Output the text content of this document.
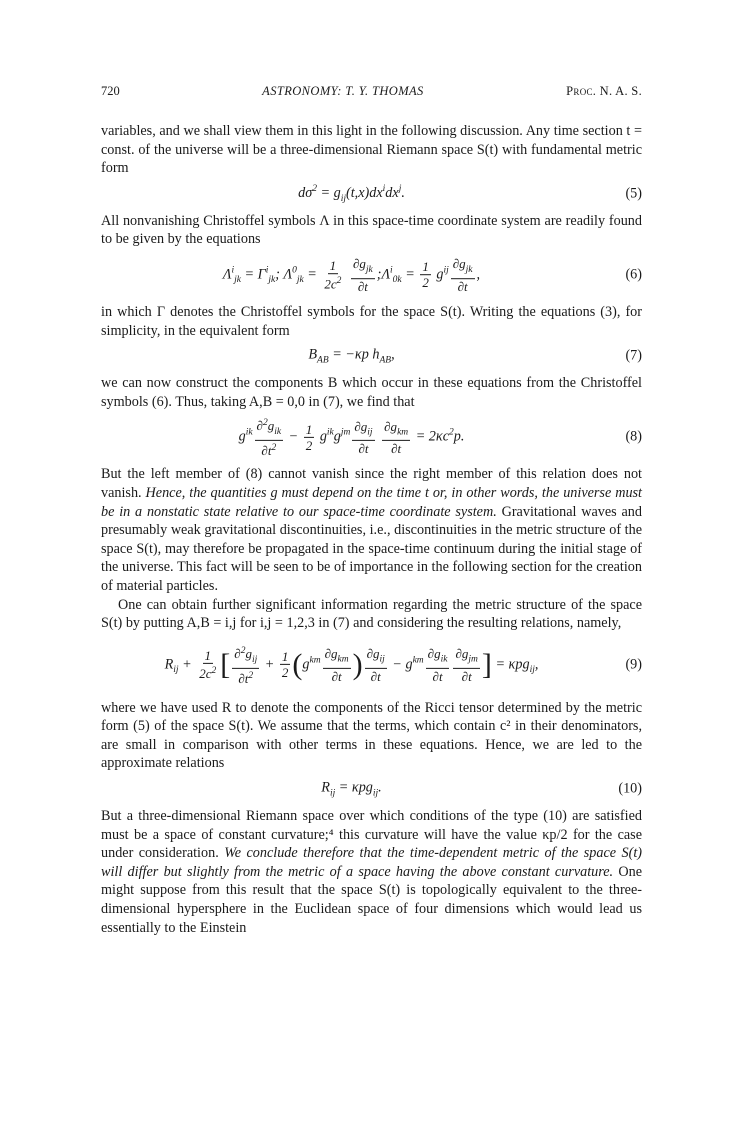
720	ASTRONOMY: T. Y. THOMAS	Proc. N. A. S.

variables, and we shall view them in this light in the following discussion. Any time section t = const. of the universe will be a three-dimensional Riemann space S(t) with fundamental metric form

$d\sigma^2 = g_{ij}(t,x)dx^idx^j$.	(5)

All nonvanishing Christoffel symbols Λ in this space-time coordinate system are readily found to be given by the equations

$\Lambda^i_{jk} = \Gamma^i_{jk}$; $\Lambda^0_{jk} = \frac{1}{2c^2}$
$\frac{\partial g_{jk}}{\partial t}$ $;\Lambda^i_{0k} = \frac{1}{2} g^{ij} \frac{\partial g_{jk}}{\partial t}$ ,	(6)

in which Γ denotes the Christoffel symbols for the space S(t). Writing the equations (3), for simplicity, in the equivalent form

$B_{AB} = -\kappa p$ $h_{AB}$,	(7)

we can now construct the components B which occur in these equations from the Christoffel symbols (6). Thus, taking A,B = 0,0 in (7), we find that

$g^{ik} \frac{\partial^2g_{ik}}{\partial t^2} - \frac{1}{2} g^{ik}g^{jm} \frac{\partial g_{ij}}{\partial t}$
$\frac{\partial g_{km}}{\partial t} = 2\kappa c^2p$.	(8)

But the left member of (8) cannot vanish since the right member of this relation does not vanish. Hence, the quantities g must depend on the time t or, in other words, the universe must be in a nonstatic state relative to our space-time coordinate system. Gravitational waves and presumably weak gravitational discontinuities, i.e., discontinuities in the metric structure of the space S(t), may therefore be propagated in the space-time continuum during the initial stage of the universe. This fact will be seen to be of importance in the following section for the creation of material particles.

One can obtain further significant information regarding the metric structure of the space S(t) by putting A,B = i,j for i,j = 1,2,3 in (7) and considering the resulting relations, namely,

$R_{ij} + \frac{1}{2c^2}$ [ $\frac{\partial^2g_{ij}}{\partial t^2} + \frac{1}{2} (g^{km} \frac{\partial g_{km}}{\partial t}$ ) $\frac{\partial g_{ij}}{\partial t} - g^{km} \frac{\partial g_{ik}}{\partial t} \frac{\partial g_{jm}}{\partial t}$ ] = κpg$_{ij}$,	(9)

where we have used R to denote the components of the Ricci tensor determined by the metric form (5) of the space S(t). We assume that the terms, which contain c² in their denominators, are small in comparison with other terms in these equations. Hence, we are led to the approximate relations

$R_{ij} = \kappa pg_{ij}$.	(10)

But a three-dimensional Riemann space over which conditions of the type (10) are satisfied must be a space of constant curvature;⁴ this curvature will have the value κp/2 for the case under consideration. We conclude therefore that the time-dependent metric of the space S(t) will differ but slightly from the metric of a space having the above constant curvature. One might suppose from this result that the space S(t) is topologically equivalent to the three-dimensional hypersphere in the Euclidean space of four dimensions which would lead us essentially to the Einstein
